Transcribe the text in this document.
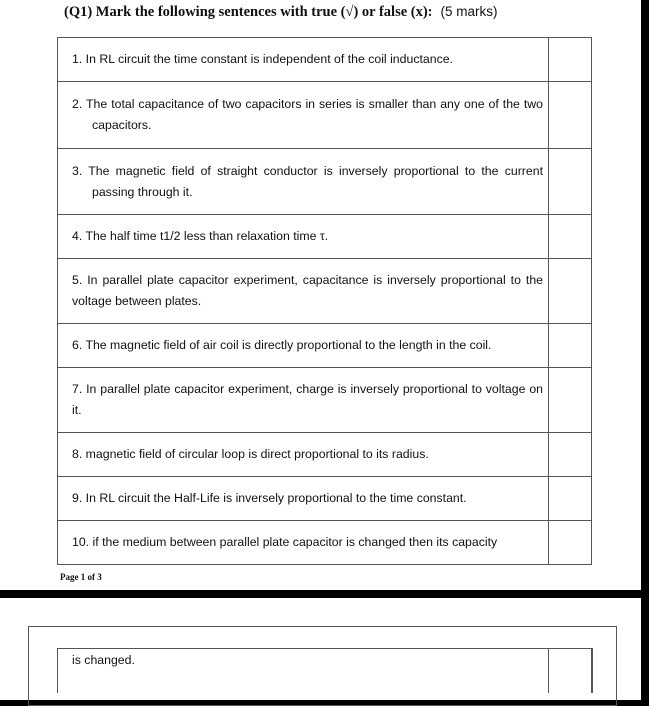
(Q1) Mark the following sentences with true (√) or false (x): (5 marks)
1. In RL circuit the time constant is independent of the coil inductance.
2. The total capacitance of two capacitors in series is smaller than any one of the two capacitors.
3. The magnetic field of straight conductor is inversely proportional to the current passing through it.
4. The half time t1/2 less than relaxation time τ.
5. In parallel plate capacitor experiment, capacitance is inversely proportional to the voltage between plates.
6. The magnetic field of air coil is directly proportional to the length in the coil.
7. In parallel plate capacitor experiment, charge is inversely proportional to voltage on it.
8. magnetic field of circular loop is direct proportional to its radius.
9. In RL circuit the Half-Life is inversely proportional to the time constant.
10. if the medium between parallel plate capacitor is changed then its capacity
Page 1 of 3
is changed.
